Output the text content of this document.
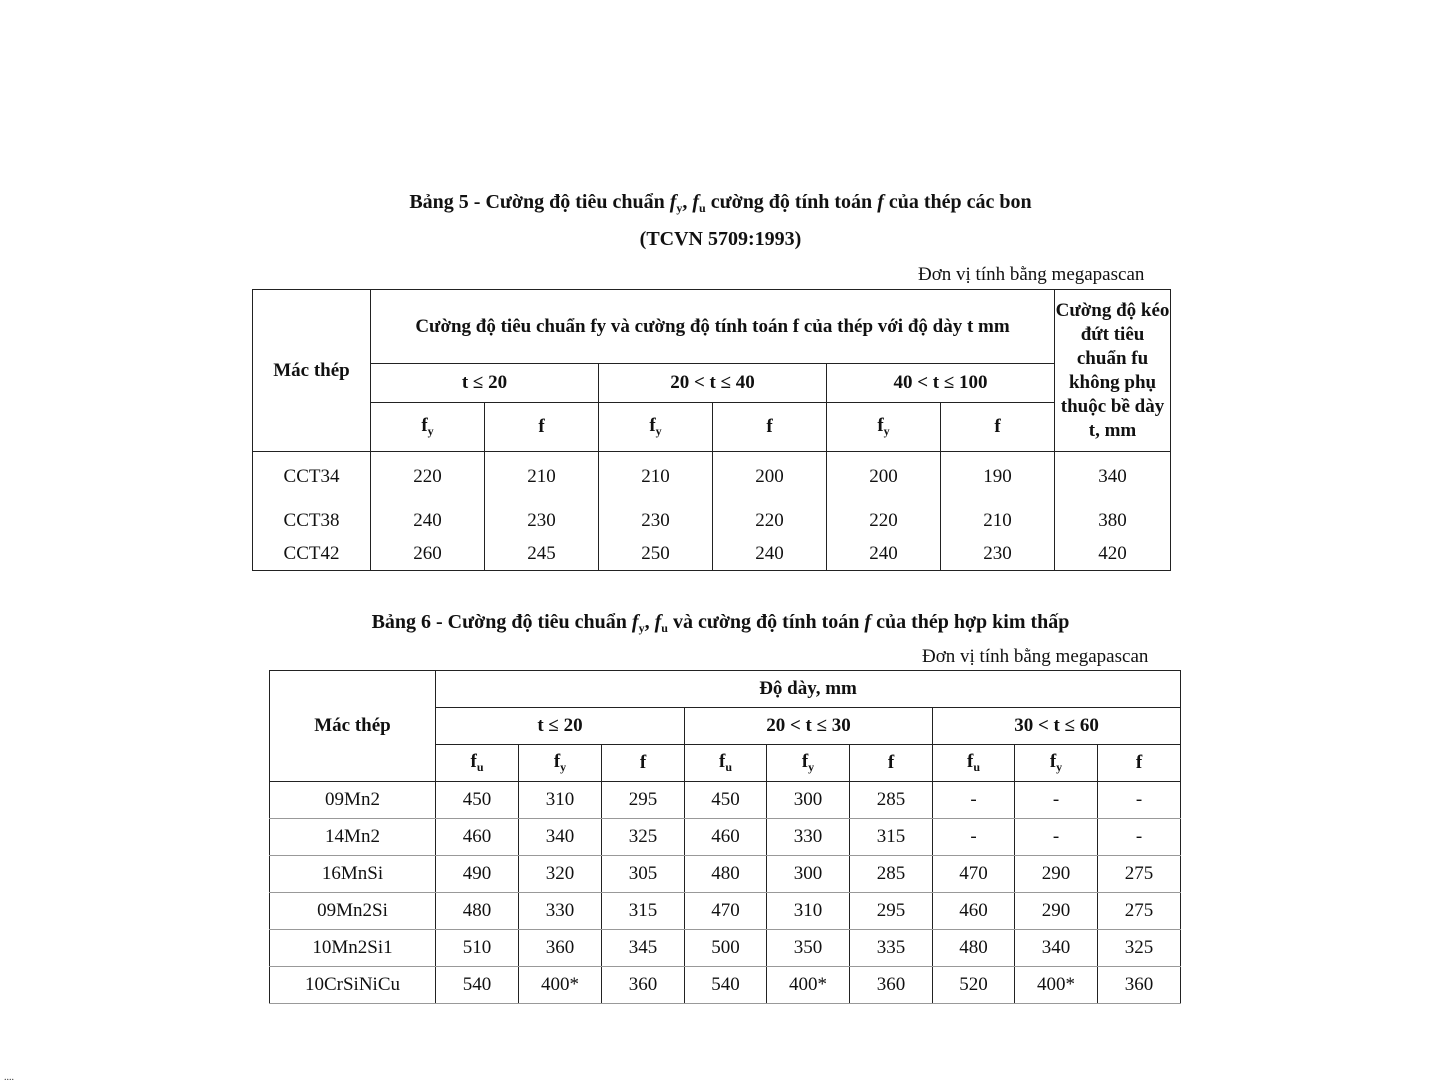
Bảng 5 - Cường độ tiêu chuẩn $f_y$, $f_u$ cường độ tính toán f của thép các bon
(TCVN 5709:1993)
Đơn vị tính bằng megapascan
Mác thép	Cường độ tiêu chuẩn fy và cường độ tính toán f của thép với độ dày t mm						Cường độ kéo đứt tiêu chuẩn fu không phụ thuộc bề dày t, mm
	t ≤ 20		20 < t ≤ 40		40 < t ≤ 100		
	$f_y$	f	$f_y$	f	$f_y$	f	
CCT34	220	210	210	200	200	190	340
CCT38	240	230	230	220	220	210	380
CCT42	260	245	250	240	240	230	420
Bảng 6 - Cường độ tiêu chuẩn $f_y$, $f_u$ và cường độ tính toán f của thép hợp kim thấp
Đơn vị tính bằng megapascan
Mác thép	Độ dày, mm								
	t ≤ 20			20 < t ≤ 30			30 < t ≤ 60		
	$f_u$	$f_y$	f	$f_u$	$f_y$	f	$f_u$	$f_y$	f
09Mn2	450	310	295	450	300	285	-	-	-
14Mn2	460	340	325	460	330	315	-	-	-
16MnSi	490	320	305	480	300	285	470	290	275
09Mn2Si	480	330	315	470	310	295	460	290	275
10Mn2Si1	510	360	345	500	350	335	480	340	325
10CrSiNiCu	540	400*	360	540	400*	360	520	400*	360
....
